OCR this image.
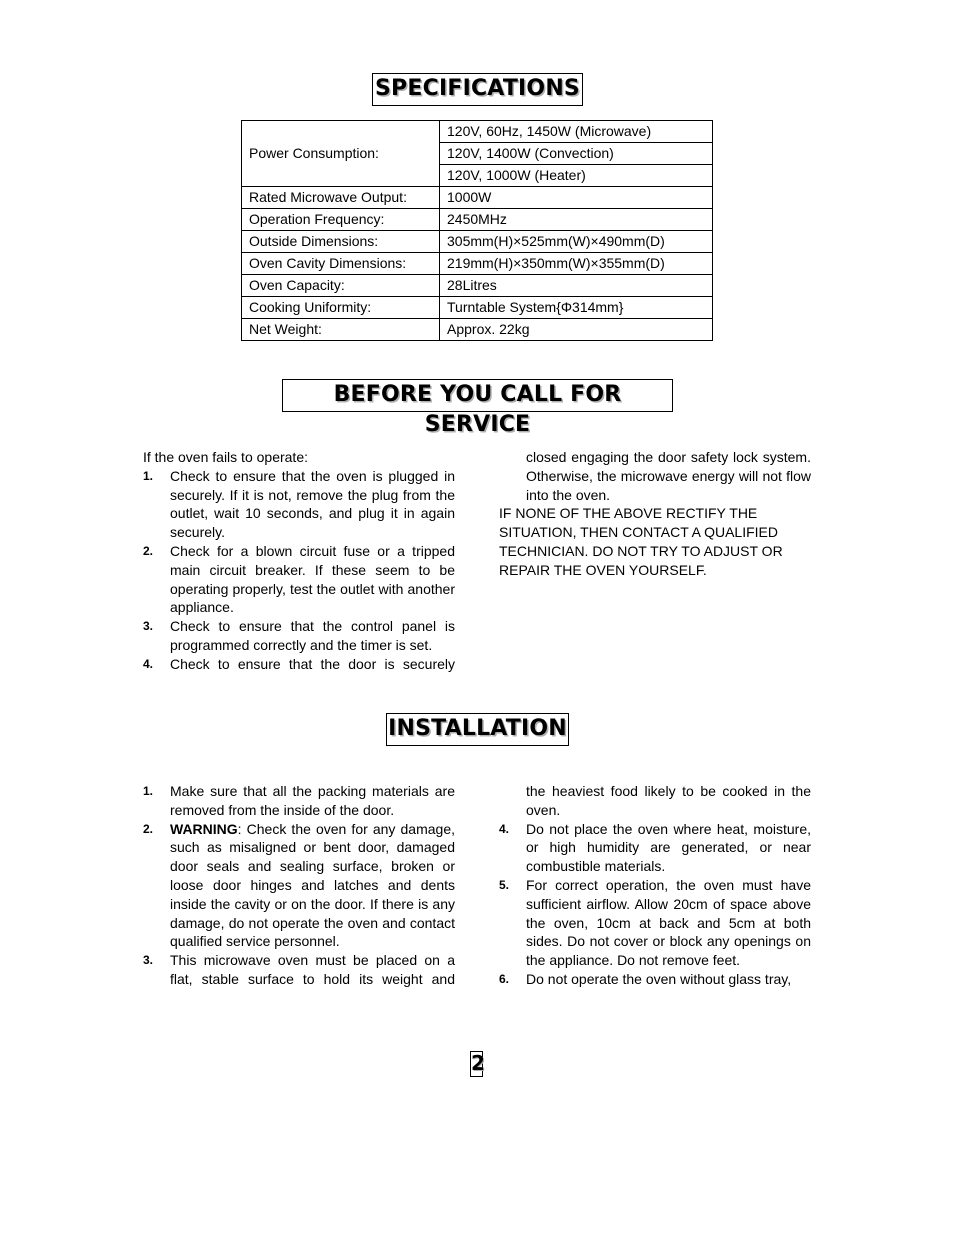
SPECIFICATIONS
Power Consumption:	120V, 60Hz, 1450W (Microwave)
	120V, 1400W (Convection)
	120V, 1000W (Heater)
Rated Microwave Output:	1000W
Operation Frequency:	2450MHz
Outside Dimensions:	305mm(H)×525mm(W)×490mm(D)
Oven Cavity Dimensions:	219mm(H)×350mm(W)×355mm(D)
Oven Capacity:	28Litres
Cooking Uniformity:	Turntable System{Φ314mm}
Net Weight:	Approx. 22kg
BEFORE YOU CALL FOR SERVICE

If the oven fails to operate:

1. Check to ensure that the oven is plugged in securely. If it is not, remove the plug from the outlet, wait 10 seconds, and plug it in again securely.

2. Check for a blown circuit fuse or a tripped main circuit breaker. If these seem to be operating properly, test the outlet with another appliance.

3. Check to ensure that the control panel is programmed correctly and the timer is set.

4. Check to ensure that the door is securely

closed engaging the door safety lock system. Otherwise, the microwave energy will not flow into the oven.

IF NONE OF THE ABOVE RECTIFY THE SITUATION, THEN CONTACT A QUALIFIED TECHNICIAN. DO NOT TRY TO ADJUST OR REPAIR THE OVEN YOURSELF.

INSTALLATION

1. Make sure that all the packing materials are removed from the inside of the door.

2. WARNING: Check the oven for any damage, such as misaligned or bent door, damaged door seals and sealing surface, broken or loose door hinges and latches and dents inside the cavity or on the door. If there is any damage, do not operate the oven and contact qualified service personnel.

3. This microwave oven must be placed on a flat, stable surface to hold its weight and

the heaviest food likely to be cooked in the oven.

4. Do not place the oven where heat, moisture, or high humidity are generated, or near combustible materials.

5. For correct operation, the oven must have sufficient airflow. Allow 20cm of space above the oven, 10cm at back and 5cm at both sides. Do not cover or block any openings on the appliance. Do not remove feet.

6. Do not operate the oven without glass tray,

2
